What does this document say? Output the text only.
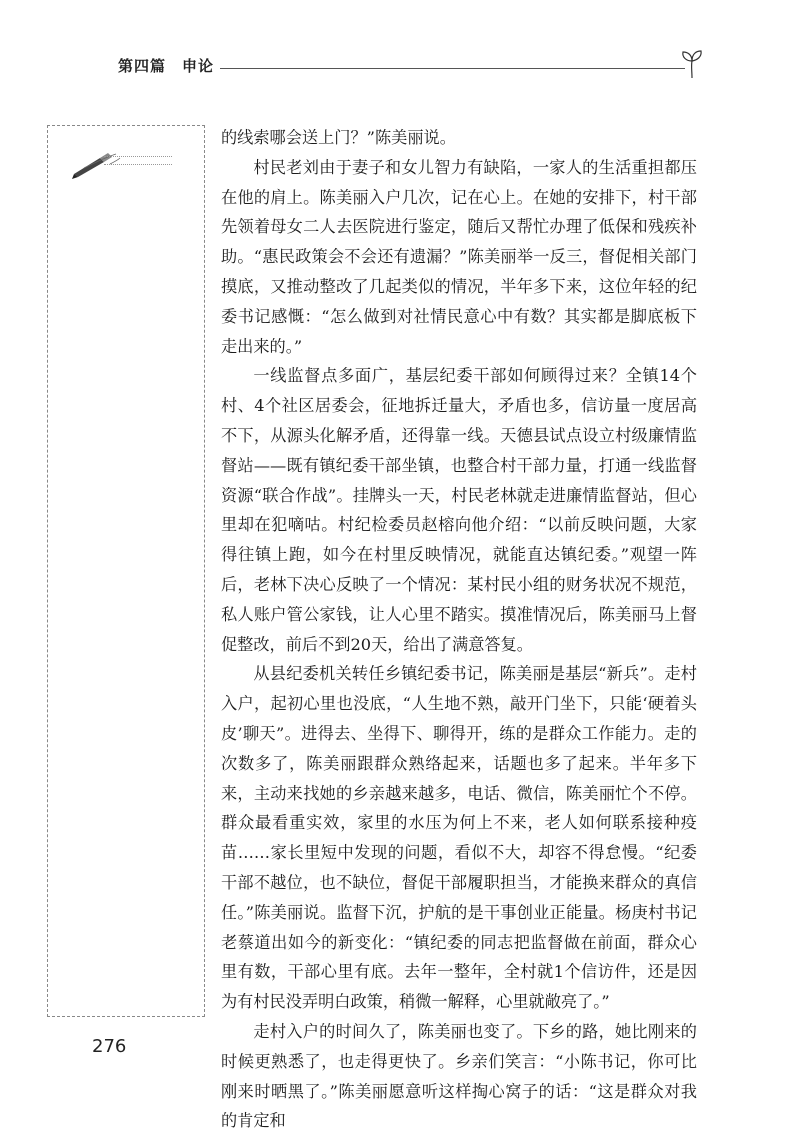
第四篇 申论

的线索哪会送上门？”陈美丽说。

村民老刘由于妻子和女儿智力有缺陷，一家人的生活重担都压在他的肩上。陈美丽入户几次，记在心上。在她的安排下，村干部先领着母女二人去医院进行鉴定，随后又帮忙办理了低保和残疾补助。“惠民政策会不会还有遗漏？”陈美丽举一反三，督促相关部门摸底，又推动整改了几起类似的情况，半年多下来，这位年轻的纪委书记感慨：“怎么做到对社情民意心中有数？其实都是脚底板下走出来的。”

一线监督点多面广，基层纪委干部如何顾得过来？全镇14个村、4个社区居委会，征地拆迁量大，矛盾也多，信访量一度居高不下，从源头化解矛盾，还得靠一线。天德县试点设立村级廉情监督站——既有镇纪委干部坐镇，也整合村干部力量，打通一线监督资源“联合作战”。挂牌头一天，村民老林就走进廉情监督站，但心里却在犯嘀咕。村纪检委员赵榕向他介绍：“以前反映问题，大家得往镇上跑，如今在村里反映情况，就能直达镇纪委。”观望一阵后，老林下决心反映了一个情况：某村民小组的财务状况不规范，私人账户管公家钱，让人心里不踏实。摸准情况后，陈美丽马上督促整改，前后不到20天，给出了满意答复。

从县纪委机关转任乡镇纪委书记，陈美丽是基层“新兵”。走村入户，起初心里也没底，“人生地不熟，敲开门坐下，只能‘硬着头皮’聊天”。进得去、坐得下、聊得开，练的是群众工作能力。走的次数多了，陈美丽跟群众熟络起来，话题也多了起来。半年多下来，主动来找她的乡亲越来越多，电话、微信，陈美丽忙个不停。群众最看重实效，家里的水压为何上不来，老人如何联系接种疫苗……家长里短中发现的问题，看似不大，却容不得怠慢。“纪委干部不越位，也不缺位，督促干部履职担当，才能换来群众的真信任。”陈美丽说。监督下沉，护航的是干事创业正能量。杨庚村书记老蔡道出如今的新变化：“镇纪委的同志把监督做在前面，群众心里有数，干部心里有底。去年一整年，全村就1个信访件，还是因为有村民没弄明白政策，稍微一解释，心里就敞亮了。”

走村入户的时间久了，陈美丽也变了。下乡的路，她比刚来的时候更熟悉了，也走得更快了。乡亲们笑言：“小陈书记，你可比刚来时晒黑了。”陈美丽愿意听这样掏心窝子的话：“这是群众对我的肯定和

276
